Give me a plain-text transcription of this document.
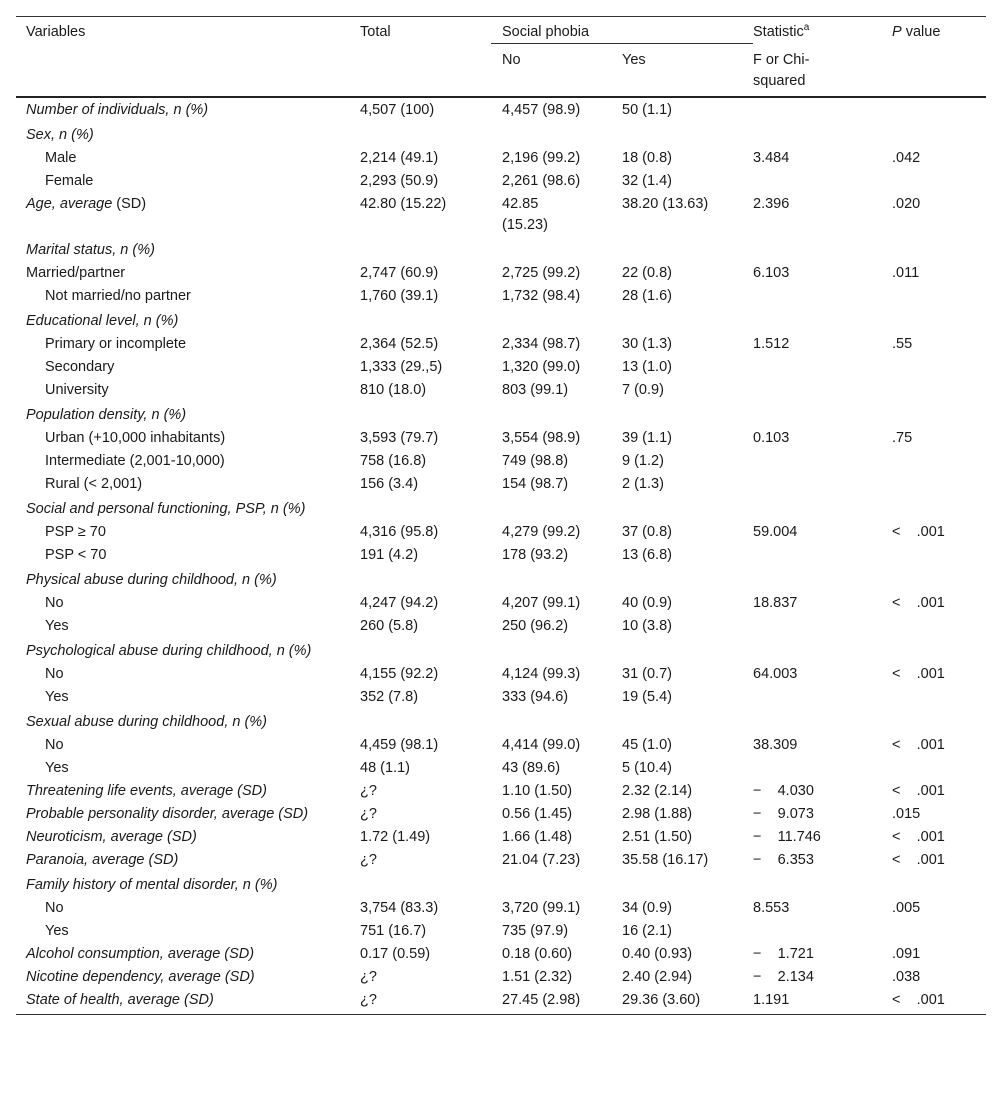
Variables	Total	Social phobia		Statistic$^a$	P value
		No	Yes	F or Chi-squared	

Number of individuals, n (%)	4,507 (100)	4,457 (98.9)	50 (1.1)		
Sex, n (%)					
Male	2,214 (49.1)	2,196 (99.2)	18 (0.8)	3.484	.042
Female	2,293 (50.9)	2,261 (98.6)	32 (1.4)		
Age, average (SD)	42.80 (15.22)	42.85 (15.23)	38.20 (13.63)	2.396	.020
Marital status, n (%)					
Married/partner	2,747 (60.9)	2,725 (99.2)	22 (0.8)	6.103	.011
Not married/no partner	1,760 (39.1)	1,732 (98.4)	28 (1.6)		
Educational level, n (%)					
Primary or incomplete	2,364 (52.5)	2,334 (98.7)	30 (1.3)	1.512	.55
Secondary	1,333 (29.,5)	1,320 (99.0)	13 (1.0)		
University	810 (18.0)	803 (99.1)	7 (0.9)		
Population density, n (%)					
Urban (+10,000 inhabitants)	3,593 (79.7)	3,554 (98.9)	39 (1.1)	0.103	.75
Intermediate (2,001-10,000)	758 (16.8)	749 (98.8)	9 (1.2)		
Rural (< 2,001)	156 (3.4)	154 (98.7)	2 (1.3)		
Social and personal functioning, PSP, n (%)					
PSP ≥ 70	4,316 (95.8)	4,279 (99.2)	37 (0.8)	59.004	<    .001
PSP < 70	191 (4.2)	178 (93.2)	13 (6.8)		
Physical abuse during childhood, n (%)					
No	4,247 (94.2)	4,207 (99.1)	40 (0.9)	18.837	<    .001
Yes	260 (5.8)	250 (96.2)	10 (3.8)		
Psychological abuse during childhood, n (%)					
No	4,155 (92.2)	4,124 (99.3)	31 (0.7)	64.003	<    .001
Yes	352 (7.8)	333 (94.6)	19 (5.4)		
Sexual abuse during childhood, n (%)					
No	4,459 (98.1)	4,414 (99.0)	45 (1.0)	38.309	<    .001
Yes	48 (1.1)	43 (89.6)	5 (10.4)		
Threatening life events, average (SD)	¿?	1.10 (1.50)	2.32 (2.14)	−    4.030	<    .001
Probable personality disorder, average (SD)	¿?	0.56 (1.45)	2.98 (1.88)	−    9.073	.015
Neuroticism, average (SD)	1.72 (1.49)	1.66 (1.48)	2.51 (1.50)	−    11.746	<    .001
Paranoia, average (SD)	¿?	21.04 (7.23)	35.58 (16.17)	−    6.353	<    .001
Family history of mental disorder, n (%)					
No	3,754 (83.3)	3,720 (99.1)	34 (0.9)	8.553	.005
Yes	751 (16.7)	735 (97.9)	16 (2.1)		
Alcohol consumption, average (SD)	0.17 (0.59)	0.18 (0.60)	0.40 (0.93)	−    1.721	.091
Nicotine dependency, average (SD)	¿?	1.51 (2.32)	2.40 (2.94)	−    2.134	.038
State of health, average (SD)	¿?	27.45 (2.98)	29.36 (3.60)	1.191	<    .001
